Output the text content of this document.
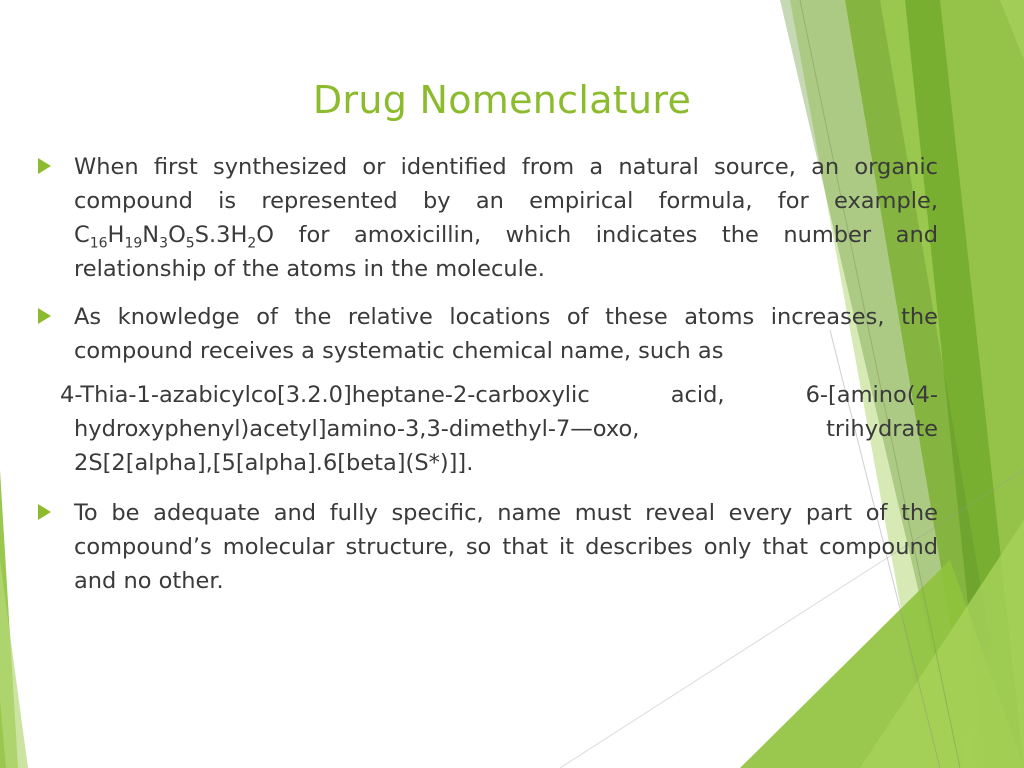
Drug Nomenclature
When first synthesized or identified from a natural source, an organic compound is represented by an empirical formula, for example, $C_{16}H_{19}N_3O_5S.3H_2O$ for amoxicillin, which indicates the number and relationship of the atoms in the molecule.
As knowledge of the relative locations of these atoms increases, the compound receives a systematic chemical name, such as
4-Thia-1-azabicylco[3.2.0]heptane-2-carboxylic acid, 6-[amino(4-
hydroxyphenyl)acetyl]amino-3,3-dimethyl-7—oxo, trihydrate
2S[2[alpha],[5[alpha].6[beta](S*)]].
To be adequate and fully specific, name must reveal every part of the compound’s molecular structure, so that it describes only that compound and no other.
